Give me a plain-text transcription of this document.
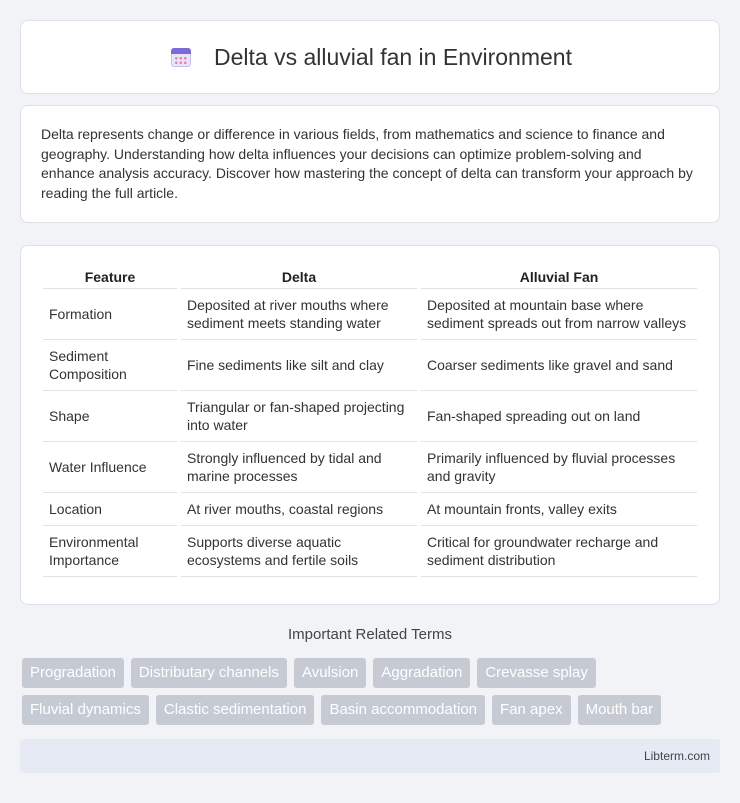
Delta vs alluvial fan in Environment

Delta represents change or difference in various fields, from mathematics and science to finance and geography. Understanding how delta influences your decisions can optimize problem-solving and enhance analysis accuracy. Discover how mastering the concept of delta can transform your approach by reading the full article.

Feature	Delta	Alluvial Fan
Formation	Deposited at river mouths where sediment meets standing water	Deposited at mountain base where sediment spreads out from narrow valleys
Sediment Composition	Fine sediments like silt and clay	Coarser sediments like gravel and sand
Shape	Triangular or fan-shaped projecting into water	Fan-shaped spreading out on land
Water Influence	Strongly influenced by tidal and marine processes	Primarily influenced by fluvial processes and gravity
Location	At river mouths, coastal regions	At mountain fronts, valley exits
Environmental Importance	Supports diverse aquatic ecosystems and fertile soils	Critical for groundwater recharge and sediment distribution
Important Related Terms
Progradation	Distributary channels	Avulsion	Aggradation	Crevasse splay
Fluvial dynamics	Clastic sedimentation	Basin accommodation	Fan apex	Mouth bar
Libterm.com
